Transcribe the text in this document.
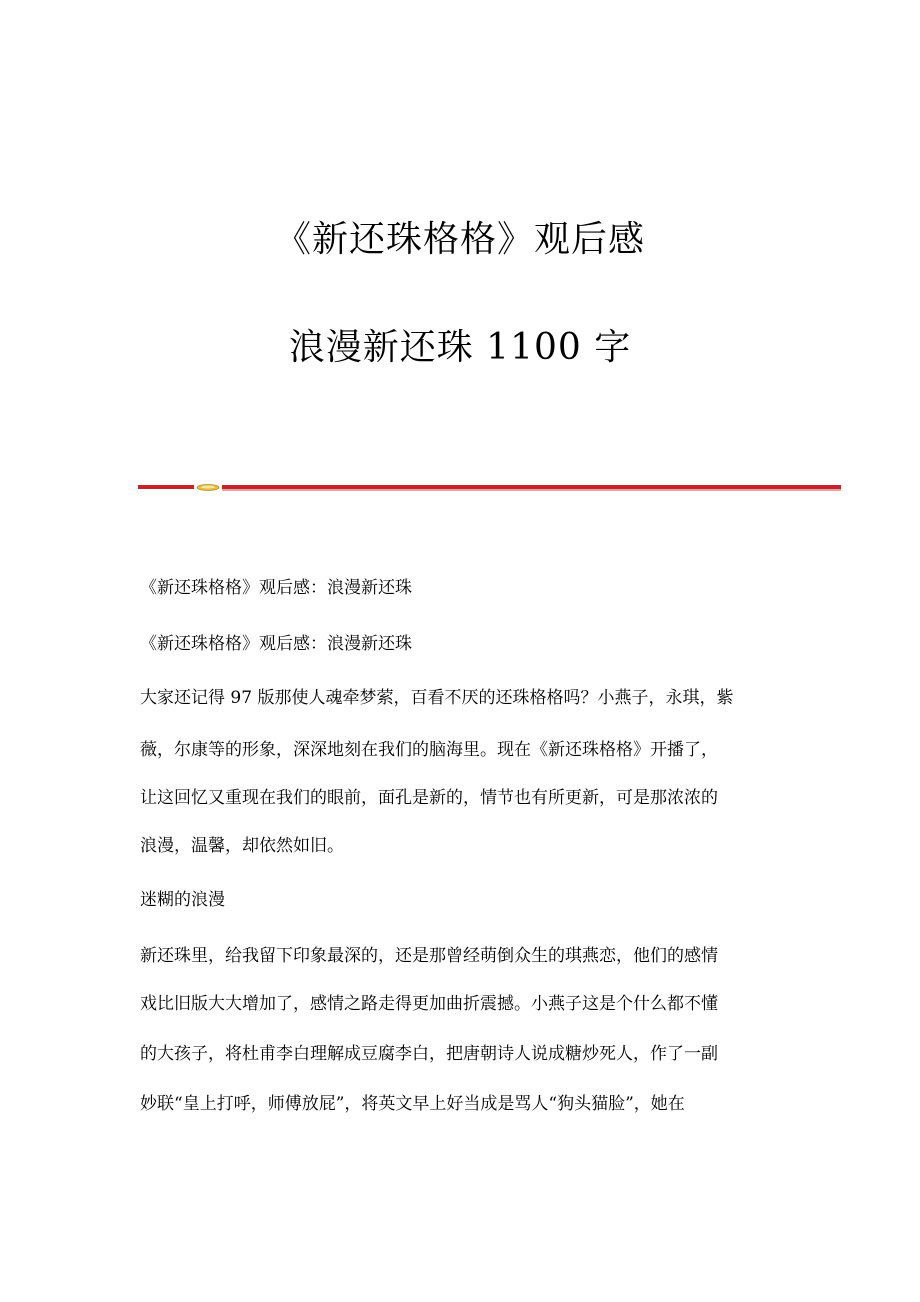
《新还珠格格》观后感
浪漫新还珠 1100 字

《新还珠格格》观后感：浪漫新还珠

《新还珠格格》观后感：浪漫新还珠

大家还记得 97 版那使人魂牵梦萦，百看不厌的还珠格格吗？小燕子，永琪，紫

薇，尔康等的形象，深深地刻在我们的脑海里。现在《新还珠格格》开播了，

让这回忆又重现在我们的眼前，面孔是新的，情节也有所更新，可是那浓浓的

浪漫，温馨，却依然如旧。

迷糊的浪漫

新还珠里，给我留下印象最深的，还是那曾经萌倒众生的琪燕恋，他们的感情

戏比旧版大大增加了，感情之路走得更加曲折震撼。小燕子这是个什么都不懂

的大孩子，将杜甫李白理解成豆腐李白，把唐朝诗人说成糖炒死人，作了一副

妙联“皇上打呼，师傅放屁”，将英文早上好当成是骂人“狗头猫脸”，她在
